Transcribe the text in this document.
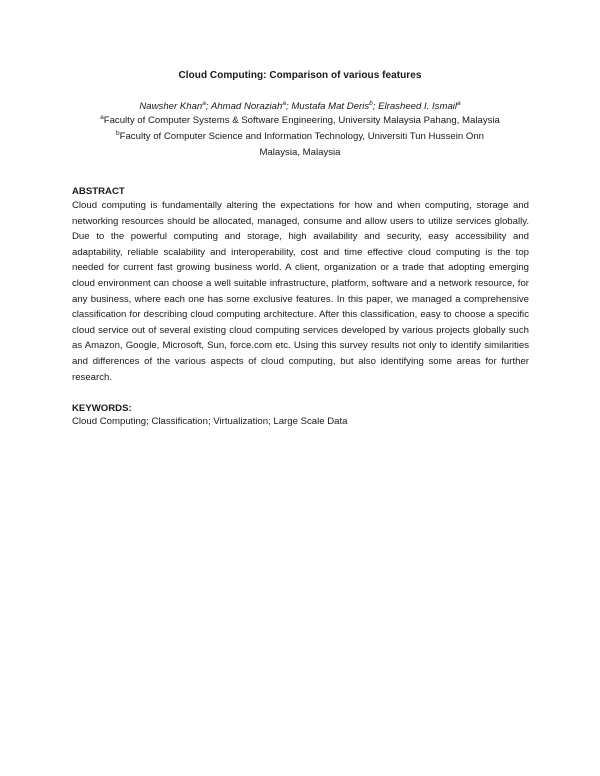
Cloud Computing: Comparison of various features
Nawsher Khan$^a$; Ahmad Noraziah$^a$; Mustafa Mat Deris$^b$; Elrasheed I. Ismail$^a$
$^a$Faculty of Computer Systems & Software Engineering, University Malaysia Pahang, Malaysia
$^b$Faculty of Computer Science and Information Technology, Universiti Tun Hussein Onn
Malaysia, Malaysia
ABSTRACT
Cloud computing is fundamentally altering the expectations for how and when computing, storage and networking resources should be allocated, managed, consume and allow users to utilize services globally. Due to the powerful computing and storage, high availability and security, easy accessibility and adaptability, reliable scalability and interoperability, cost and time effective cloud computing is the top needed for current fast growing business world. A client, organization or a trade that adopting emerging cloud environment can choose a well suitable infrastructure, platform, software and a network resource, for any business, where each one has some exclusive features. In this paper, we managed a comprehensive classification for describing cloud computing architecture. After this classification, easy to choose a specific cloud service out of several existing cloud computing services developed by various projects globally such as Amazon, Google, Microsoft, Sun, force.com etc. Using this survey results not only to identify similarities and differences of the various aspects of cloud computing, but also identifying some areas for further research.
KEYWORDS:
Cloud Computing; Classification; Virtualization; Large Scale Data
